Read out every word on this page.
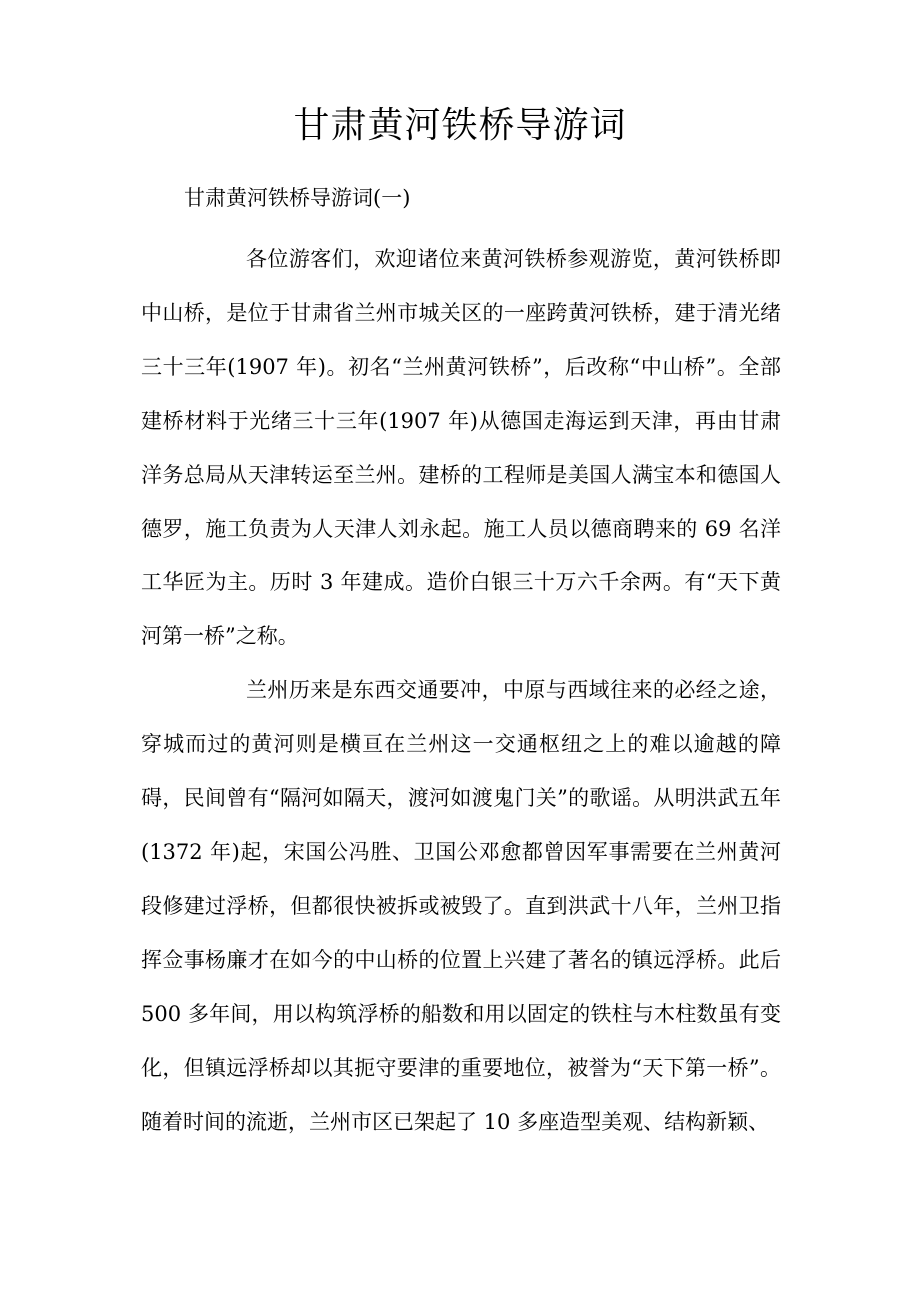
甘肃黄河铁桥导游词

甘肃黄河铁桥导游词(一)

各位游客们，欢迎诸位来黄河铁桥参观游览，黄河铁桥即中山桥，是位于甘肃省兰州市城关区的一座跨黄河铁桥，建于清光绪三十三年(1907 年)。初名“兰州黄河铁桥”，后改称“中山桥”。全部建桥材料于光绪三十三年(1907 年)从德国走海运到天津，再由甘肃洋务总局从天津转运至兰州。建桥的工程师是美国人满宝本和德国人德罗，施工负责为人天津人刘永起。施工人员以德商聘来的 69 名洋工华匠为主。历时 3 年建成。造价白银三十万六千余两。有“天下黄河第一桥”之称。

兰州历来是东西交通要冲，中原与西域往来的必经之途，穿城而过的黄河则是横亘在兰州这一交通枢纽之上的难以逾越的障碍，民间曾有“隔河如隔天，渡河如渡鬼门关”的歌谣。从明洪武五年(1372 年)起，宋国公冯胜、卫国公邓愈都曾因军事需要在兰州黄河段修建过浮桥，但都很快被拆或被毁了。直到洪武十八年，兰州卫指挥佥事杨廉才在如今的中山桥的位置上兴建了著名的镇远浮桥。此后 500 多年间，用以构筑浮桥的船数和用以固定的铁柱与木柱数虽有变化，但镇远浮桥却以其扼守要津的重要地位，被誉为“天下第一桥”。随着时间的流逝，兰州市区已架起了 10 多座造型美观、结构新颖、
